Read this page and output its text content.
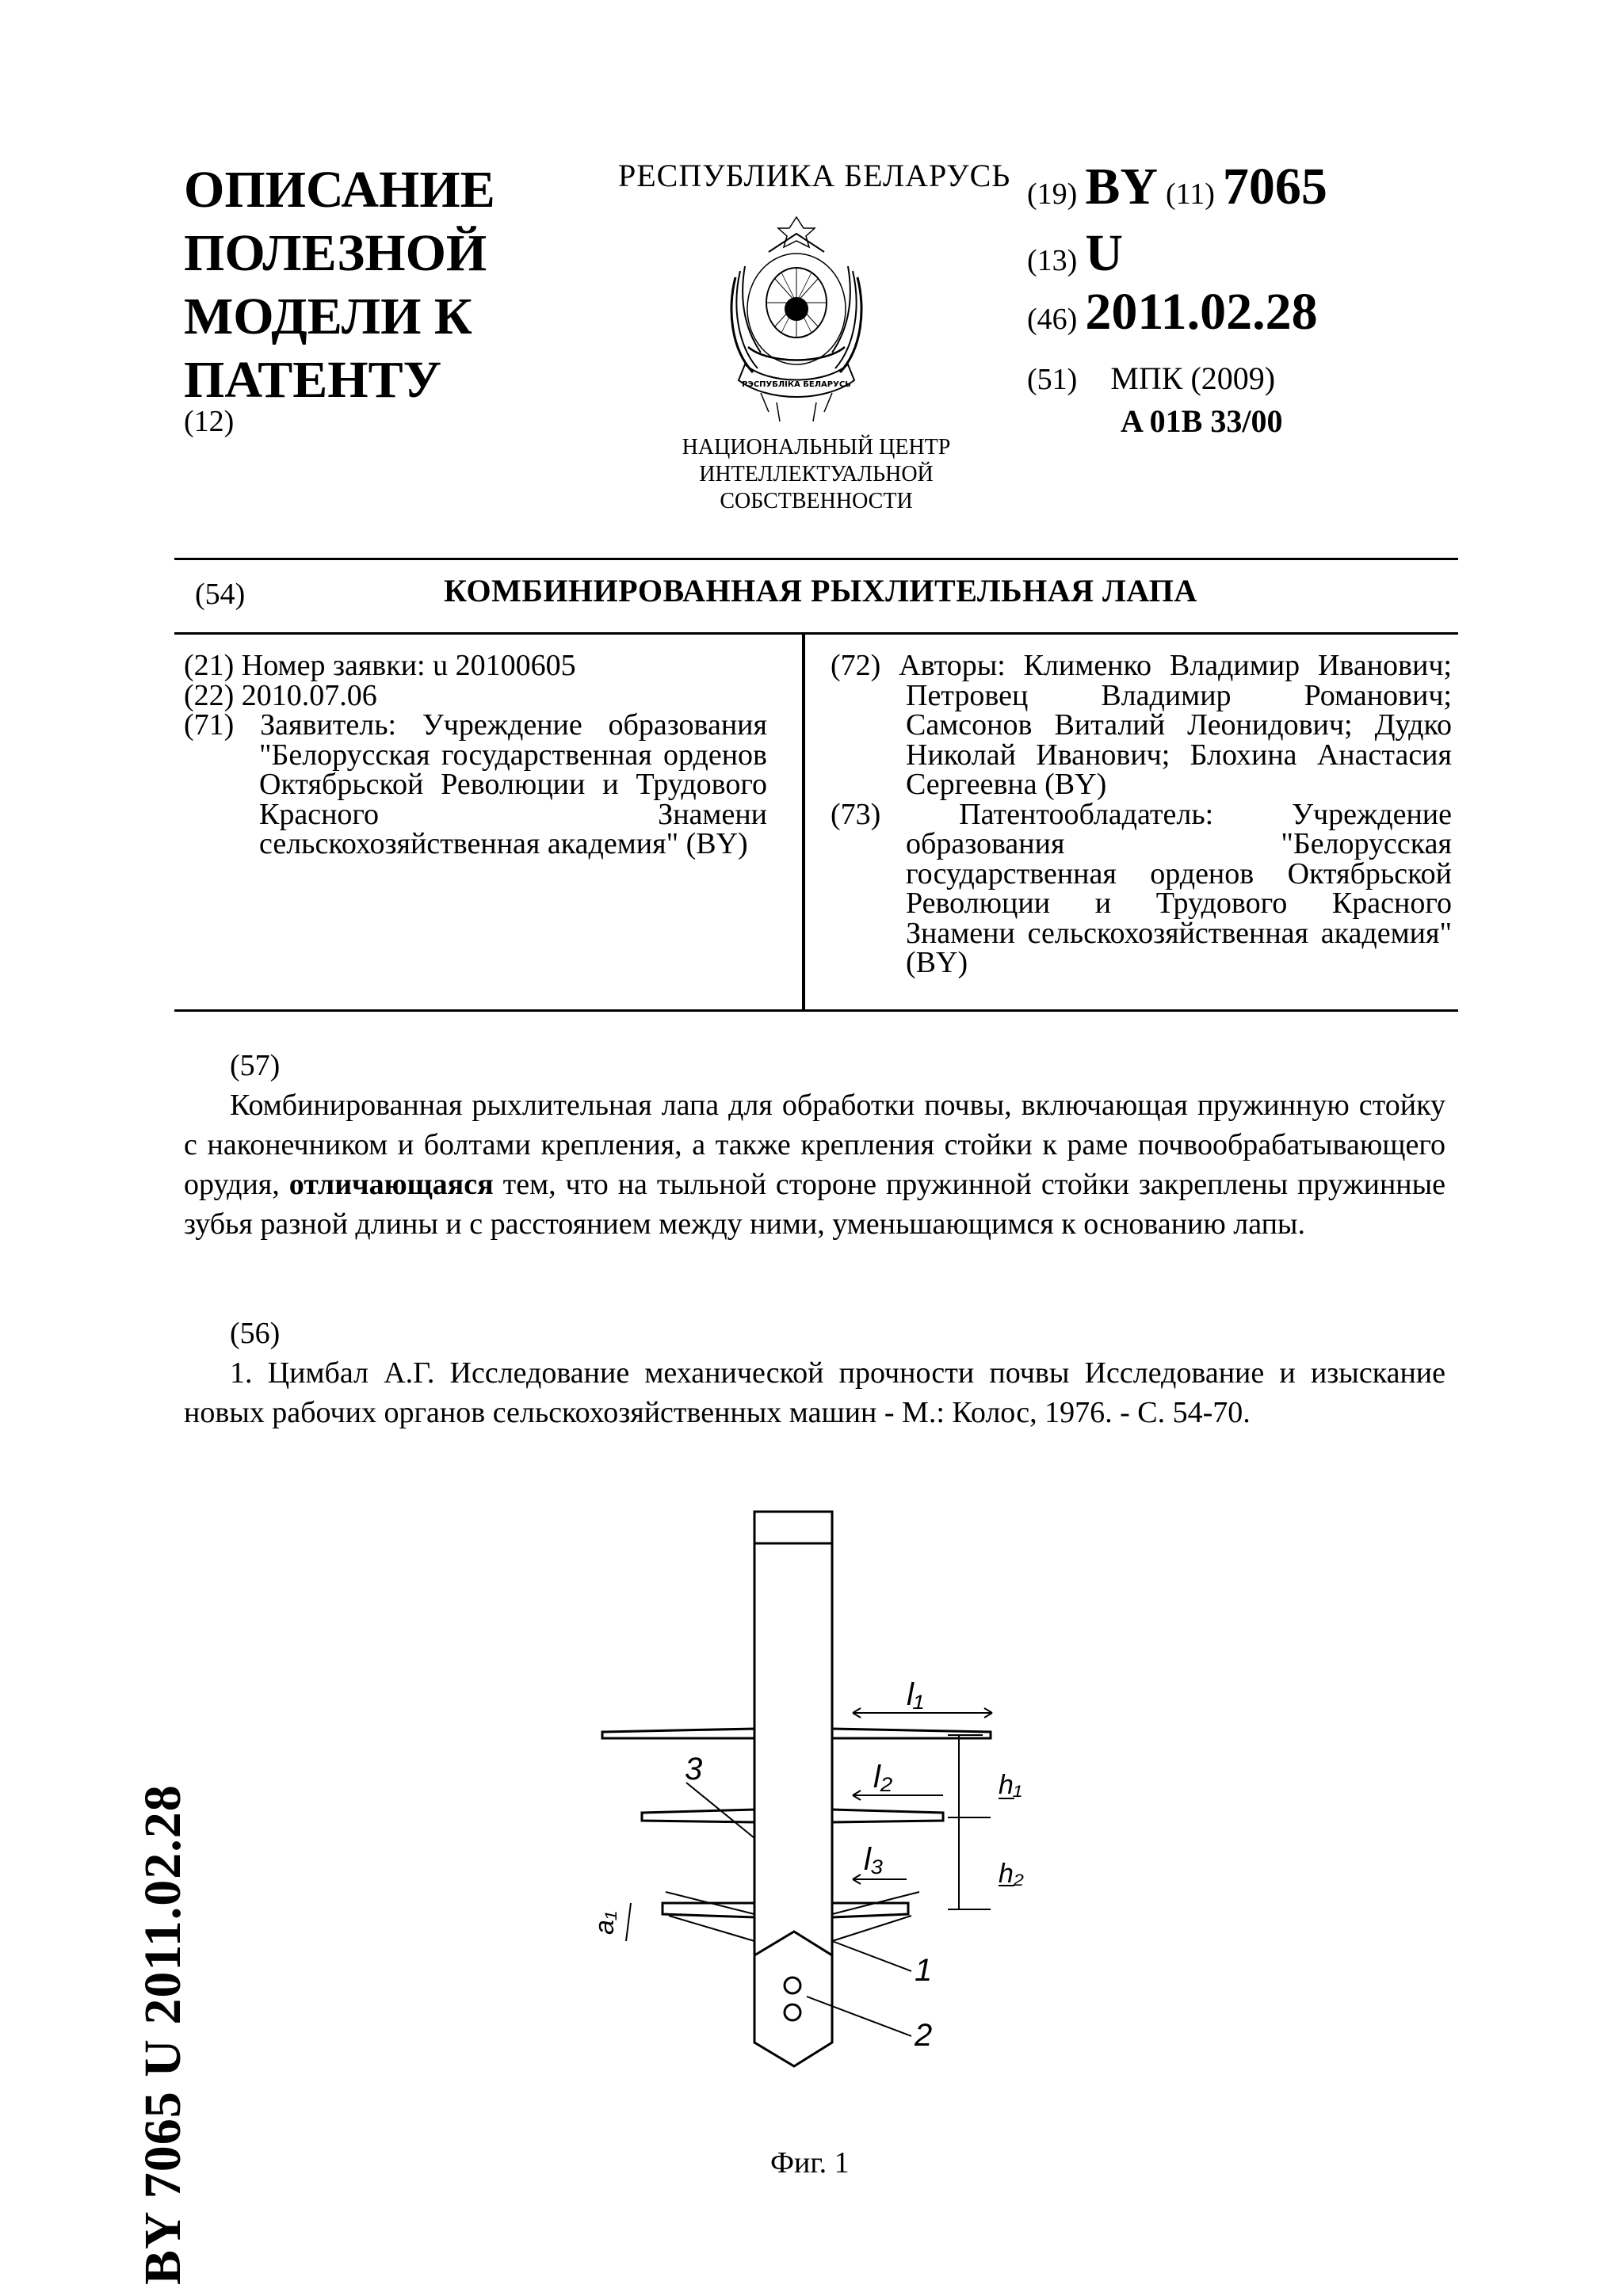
ОПИСАНИЕ
ПОЛЕЗНОЙ
МОДЕЛИ К
ПАТЕНТУ
(12)
РЕСПУБЛИКА БЕЛАРУСЬ
РЭСПУБЛІКА БЕЛАРУСЬ
НАЦИОНАЛЬНЫЙ ЦЕНТР
ИНТЕЛЛЕКТУАЛЬНОЙ
СОБСТВЕННОСТИ
(19) BY (11) 7065
(13) U
(46) 2011.02.28
(51) МПК (2009)
A 01B 33/00
(54)	КОМБИНИРОВАННАЯ РЫХЛИТЕЛЬНАЯ ЛАПА

(21) Номер заявки: u 20100605

(22) 2010.07.06

(71) Заявитель: Учреждение образования "Белорусская государственная орденов Октябрьской Революции и Трудового Красного Знамени сельскохозяйственная академия" (BY)

(72) Авторы: Клименко Владимир Иванович; Петровец Владимир Романович; Самсонов Виталий Леонидович; Дудко Николай Иванович; Блохина Анастасия Сергеевна (BY)

(73) Патентообладатель: Учреждение образования "Белорусская государственная орденов Октябрьской Революции и Трудового Красного Знамени сельскохозяйственная академия" (BY)

(57)

Комбинированная рыхлительная лапа для обработки почвы, включающая пружинную стойку с наконечником и болтами крепления, а также крепления стойки к раме почвообрабатывающего орудия, отличающаяся тем, что на тыльной стороне пружинной стойки закреплены пружинные зубья разной длины и с расстоянием между ними, уменьшающимся к основанию лапы.

(56)

1. Цимбал А.Г. Исследование механической прочности почвы Исследование и изыскание новых рабочих органов сельскохозяйственных машин - М.: Колос, 1976. - С. 54-70.

l₁
l₂
l₃
h₁
h₂
3
1
2
a₁
Фиг. 1
BY 7065 U 2011.02.28
